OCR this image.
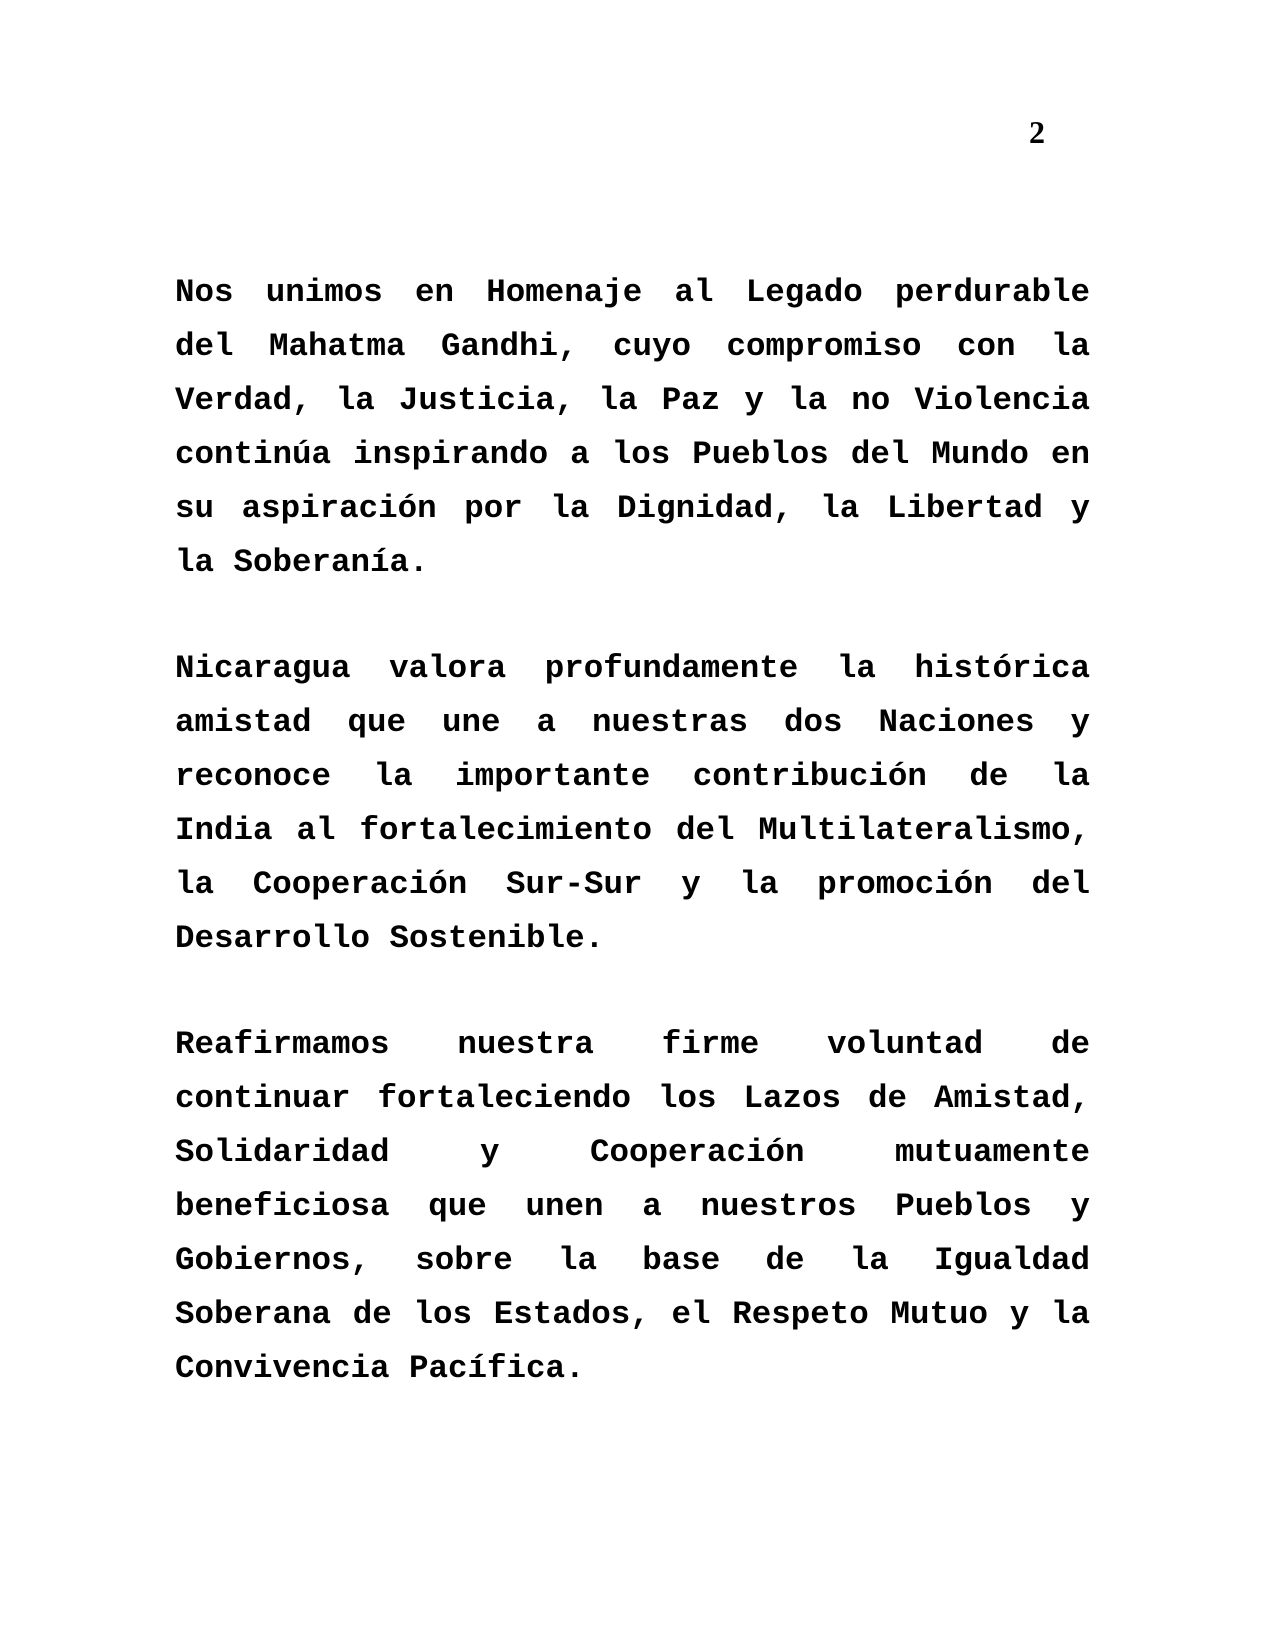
2

Nos unimos en Homenaje al Legado perdurable del Mahatma Gandhi, cuyo compromiso con la Verdad, la Justicia, la Paz y la no Violencia continúa inspirando a los Pueblos del Mundo en su aspiración por la Dignidad, la Libertad y la Soberanía.

Nicaragua valora profundamente la histórica amistad que une a nuestras dos Naciones y reconoce la importante contribución de la India al fortalecimiento del Multilateralismo, la Cooperación Sur-Sur y la promoción del Desarrollo Sostenible.

Reafirmamos nuestra firme voluntad de continuar fortaleciendo los Lazos de Amistad, Solidaridad y Cooperación mutuamente beneficiosa que unen a nuestros Pueblos y Gobiernos, sobre la base de la Igualdad Soberana de los Estados, el Respeto Mutuo y la Convivencia Pacífica.
